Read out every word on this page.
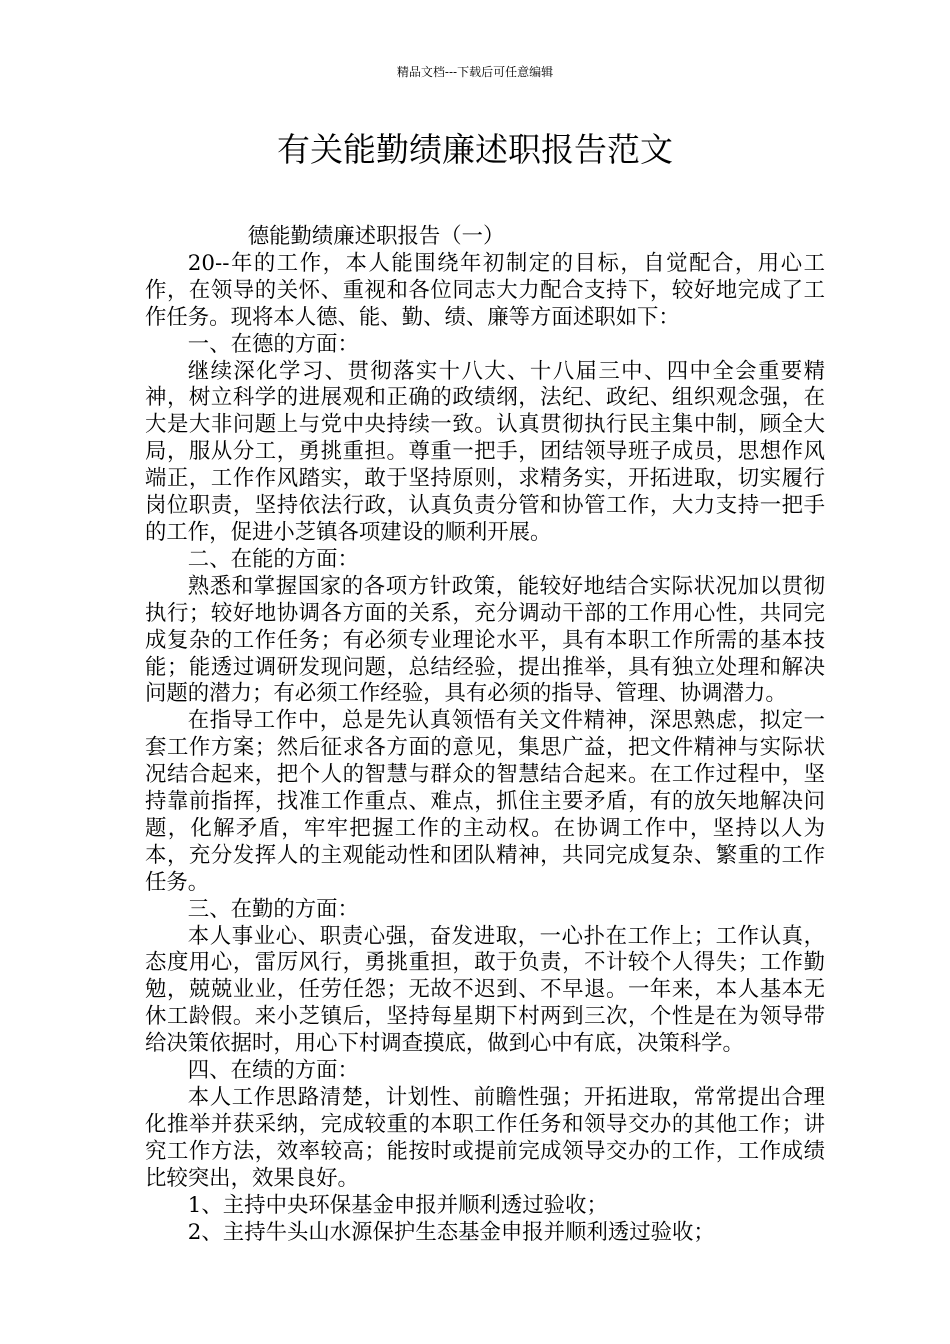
精品文档---下载后可任意编辑
有关能勤绩廉述职报告范文

德能勤绩廉述职报告（一）

20--年的工作，本人能围绕年初制定的目标，自觉配合，用心工作，在领导的关怀、重视和各位同志大力配合支持下，较好地完成了工作任务。现将本人德、能、勤、绩、廉等方面述职如下：

一、在德的方面：

继续深化学习、贯彻落实十八大、十八届三中、四中全会重要精神，树立科学的进展观和正确的政绩纲，法纪、政纪、组织观念强，在大是大非问题上与党中央持续一致。认真贯彻执行民主集中制，顾全大局，服从分工，勇挑重担。尊重一把手，团结领导班子成员，思想作风端正，工作作风踏实，敢于坚持原则，求精务实，开拓进取，切实履行岗位职责，坚持依法行政，认真负责分管和协管工作，大力支持一把手的工作，促进小芝镇各项建设的顺利开展。

二、在能的方面：

熟悉和掌握国家的各项方针政策，能较好地结合实际状况加以贯彻执行；较好地协调各方面的关系，充分调动干部的工作用心性，共同完成复杂的工作任务；有必须专业理论水平，具有本职工作所需的基本技能；能透过调研发现问题，总结经验，提出推举，具有独立处理和解决问题的潜力；有必须工作经验，具有必须的指导、管理、协调潜力。

在指导工作中，总是先认真领悟有关文件精神，深思熟虑，拟定一套工作方案；然后征求各方面的意见，集思广益，把文件精神与实际状况结合起来，把个人的智慧与群众的智慧结合起来。在工作过程中，坚持靠前指挥，找准工作重点、难点，抓住主要矛盾，有的放矢地解决问题，化解矛盾，牢牢把握工作的主动权。在协调工作中，坚持以人为本，充分发挥人的主观能动性和团队精神，共同完成复杂、繁重的工作任务。

三、在勤的方面：

本人事业心、职责心强，奋发进取，一心扑在工作上；工作认真，态度用心，雷厉风行，勇挑重担，敢于负责，不计较个人得失；工作勤勉，兢兢业业，任劳任怨；无故不迟到、不早退。一年来，本人基本无休工龄假。来小芝镇后，坚持每星期下村两到三次，个性是在为领导带给决策依据时，用心下村调查摸底，做到心中有底，决策科学。

四、在绩的方面：

本人工作思路清楚，计划性、前瞻性强；开拓进取，常常提出合理化推举并获采纳，完成较重的本职工作任务和领导交办的其他工作；讲究工作方法，效率较高；能按时或提前完成领导交办的工作，工作成绩比较突出，效果良好。

1、主持中央环保基金申报并顺利透过验收；

2、主持牛头山水源保护生态基金申报并顺利透过验收；
